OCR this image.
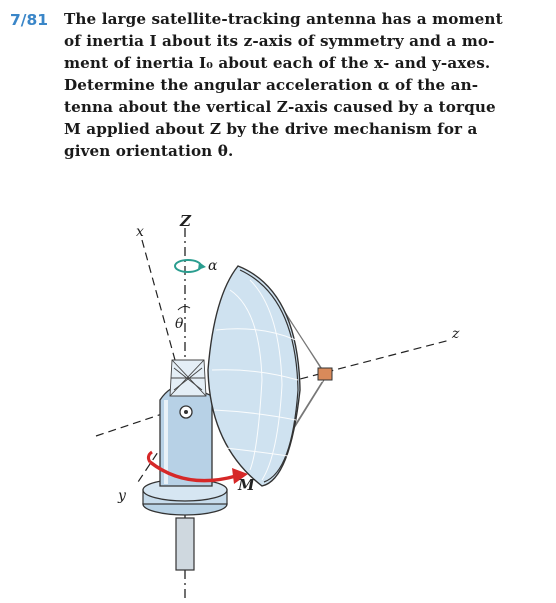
7/81 The large satellite-tracking antenna has a moment
of inertia I about its z-axis of symmetry and a mo-
ment of inertia I₀ about each of the x- and y-axes.
Determine the angular acceleration α of the an-
tenna about the vertical Z-axis caused by a torque
M applied about Z by the drive mechanism for a
given orientation θ.
Z
x
y
z
α
θ
M
